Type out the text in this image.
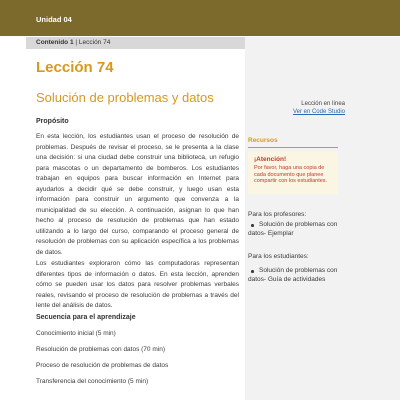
Unidad 04
Contenido 1 | Lección 74
Lección 74
Solución de problemas y datos	Lección en línea
Ver en Code Studio
Recursos
¡Atención!
Por favor, haga una copia de cada documento que planee compartir con los estudiantes.
Para los profesores:
Solución de problemas con datos- Ejemplar
Para los estudiantes:
Solución de problemas con datos- Guía de actividades
Propósito
En esta lección, los estudiantes usan el proceso de resolución de problemas. Después de revisar el proceso, se le presenta a la clase una decisión: si una ciudad debe construir una biblioteca, un refugio para mascotas o un departamento de bomberos. Los estudiantes trabajan en equipos para buscar información en Internet para ayudarlos a decidir qué se debe construir, y luego usan esta información para construir un argumento que convenza a la municipalidad de su elección. A continuación, asignan lo que han hecho al proceso de resolución de problemas que han estado utilizando a lo largo del curso, comparando el proceso general de resolución de problemas con su aplicación específica a los problemas de datos.
Los estudiantes exploraron cómo las computadoras representan diferentes tipos de información o datos. En esta lección, aprenden cómo se pueden usar los datos para resolver problemas verbales reales, revisando el proceso de resolución de problemas a través del lente del análisis de datos.
Secuencia para el aprendizaje
Conocimiento inicial (5 min)
Resolución de problemas con datos (70 min)
Proceso de resolución de problemas de datos
Transferencia del conocimiento (5 min)
